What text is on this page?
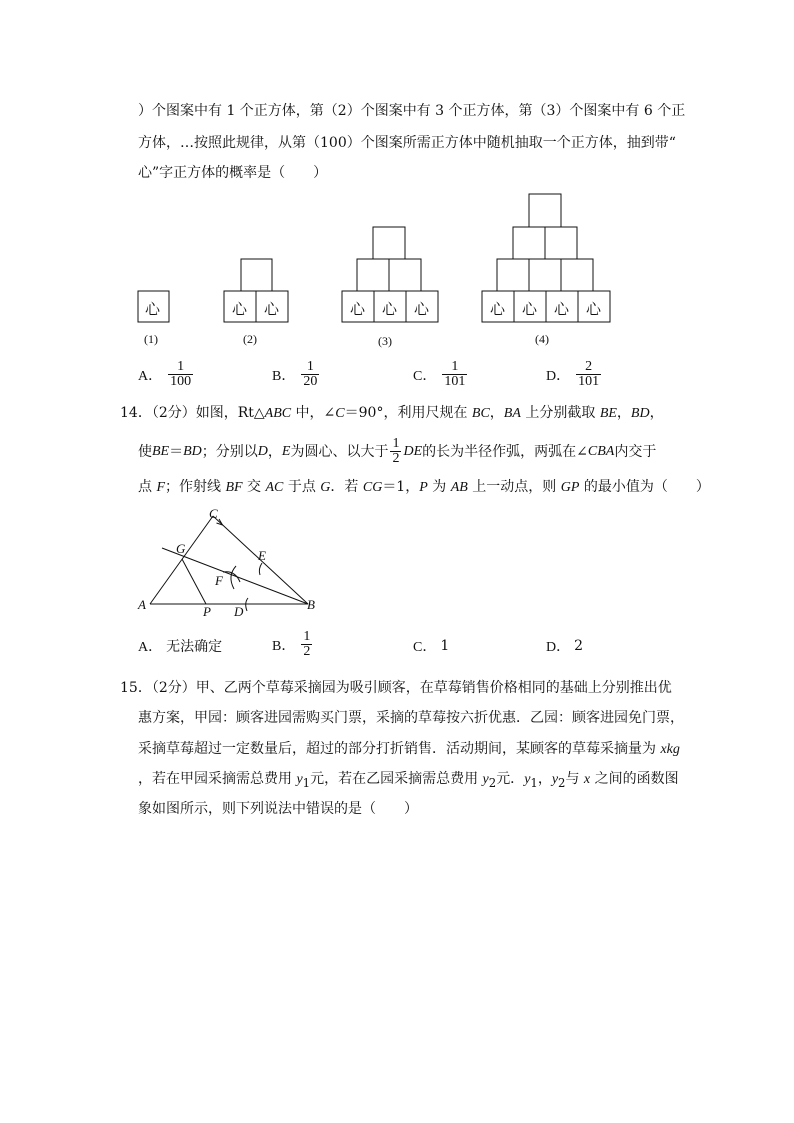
）个图案中有 1 个正方体，第（2）个图案中有 3 个正方体，第（3）个图案中有 6 个正
方体，…按照此规律，从第（100）个图案所需正方体中随机抽取一个正方体，抽到带“
心”字正方体的概率是（　　）
心	心 心	心 心 心	心 心 心 心
(1)	(2)	(3)	(4)
A． $\frac{1}{100}$	B． $\frac{1}{20}$	C． $\frac{1}{101}$	D． $\frac{2}{101}$
14．（2分）如图，Rt△ABC 中，∠C＝90°，利用尺规在 BC，BA 上分别截取 BE，BD，
使 BE ＝ BD ；分别以 D ， E 为圆心、以大于 $\frac{1}{2}$ DE 的长为半径作弧，两弧在∠ CBA 内交于
点 F；作射线 BF 交 AC 于点 G．若 CG＝1，P 为 AB 上一动点，则 GP 的最小值为（　　）
C
G	E
F
A	P D	B
A． 无法确定	B． $\frac{1}{2}$	C． 1	D． 2
15．（2分）甲、乙两个草莓采摘园为吸引顾客，在草莓销售价格相同的基础上分别推出优
惠方案，甲园：顾客进园需购买门票，采摘的草莓按六折优惠．乙园：顾客进园免门票，
采摘草莓超过一定数量后，超过的部分打折销售．活动期间，某顾客的草莓采摘量为 xkg
，若在甲园采摘需总费用 $y_1$元，若在乙园采摘需总费用 $y_2$元．$y_1$，$y_2$与 x 之间的函数图
象如图所示，则下列说法中错误的是（　　）
